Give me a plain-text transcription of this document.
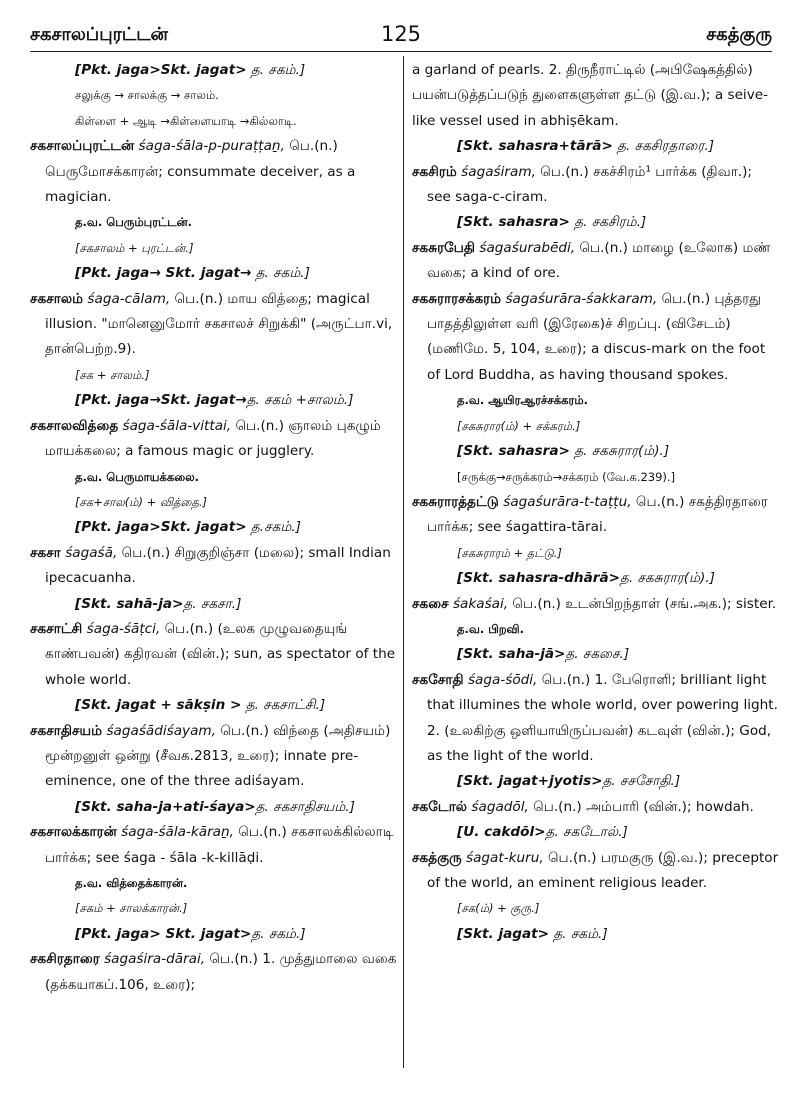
சகசாலப்புரட்டன்	125	சகத்குரு
[Pkt. jaga>Skt. jagat> த. சகம்.]
சலுக்கு → சாலக்கு → சாலம்.
கிள்ளை + ஆடி →கிள்ளையாடி →கில்லாடி.
சகசாலப்புரட்டன் śaga-śāla-p-puraṭṭaṉ, பெ.(n.) பெருமோசக்காரன்; consummate deceiver, as a magician.
த.வ. பெரும்புரட்டன்.
[சகசாலம் + புரட்டன்.]
[Pkt. jaga→ Skt. jagat→ த. சகம்.]
சகசாலம் śaga-cālam, பெ.(n.) மாய வித்தை; magical illusion. "மானெனுமோர் சகசாலச் சிறுக்கி" (அருட்பா.vi, தான்பெற்ற.9).
[சக + சாலம்.]
[Pkt. jaga→Skt. jagat→த. சகம் +சாலம்.]
சகசாலவித்தை śaga-śāla-vittai, பெ.(n.) ஞாலம் புகழும் மாயக்கலை; a famous magic or jugglery.
த.வ. பெருமாயக்கலை.
[சக+சால(ம்) + வித்தை.]
[Pkt. jaga>Skt. jagat> த.சகம்.]
சகசா śagaśā, பெ.(n.) சிறுகுறிஞ்சா (மலை); small Indian ipecacuanha.
[Skt. sahā-ja>த. சகசா.]
சகசாட்சி śaga-śāṭci, பெ.(n.) (உலக முழுவதையுங் காண்பவன்) கதிரவன் (வின்.); sun, as spectator of the whole world.
[Skt. jagat + sākṣin > த. சகசாட்சி.]
சகசாதிசயம் śagaśādiśayam, பெ.(n.) விந்தை (அதிசயம்) மூன்றனுள் ஒன்று (சீவக.2813, உரை); innate pre-eminence, one of the three adiśayam.
[Skt. saha-ja+ati-śaya>த. சகசாதிசயம்.]
சகசாலக்காரன் śaga-śāla-kāraṉ, பெ.(n.) சகசாலக்கில்லாடி பார்க்க; see śaga - śāla -k-killāḍi.
த.வ. வித்தைக்காரன்.
[சகம் + சாலக்காரன்.]
[Pkt. jaga> Skt. jagat>த. சகம்.]
சகசிரதாரை śagaśira-dārai, பெ.(n.) 1. முத்துமாலை வகை (தக்கயாகப்.106, உரை);
a garland of pearls. 2. திருநீராட்டில் (அபிஷேகத்தில்) பயன்படுத்தப்படுந் துளைகளுள்ள தட்டு (இ.வ.); a seive-like vessel used in abhiṣēkam.
[Skt. sahasra+tārā> த. சகசிரதாரை.]
சகசிரம் śagaśiram, பெ.(n.) சகச்சிரம்¹ பார்க்க (திவா.); see saga-c-ciram.
[Skt. sahasra> த. சகசிரம்.]
சகசுரபேதி śagaśurabēdi, பெ.(n.) மாழை (உலோக) மண் வகை; a kind of ore.
சகசுராரசக்கரம் śagaśurāra-śakkaram, பெ.(n.) புத்தரது பாதத்திலுள்ள வரி (இரேகை)ச் சிறப்பு. (விசேடம்) (மணிமே. 5, 104, உரை); a discus-mark on the foot of Lord Buddha, as having thousand spokes.
த.வ. ஆயிரஆரச்சக்கரம்.
[சகசுரார(ம்) + சக்கரம்.]
[Skt. sahasra> த. சகசுரார(ம்).]
[சருக்கு→சருக்கரம்→சக்கரம் (வே.க.239).]
சகசுராரத்தட்டு śagaśurāra-t-taṭṭu, பெ.(n.) சகத்திரதாரை பார்க்க; see śagattira-tārai.
[சகசுராரம் + தட்டு.]
[Skt. sahasra-dhārā>த. சகசுரார(ம்).]
சகசை śakaśai, பெ.(n.) உடன்பிறந்தாள் (சங்.அக.); sister.
த.வ. பிறவி.
[Skt. saha-jā>த. சகசை.]
சகசோதி śaga-śōdi, பெ.(n.) 1. பேரொளி; brilliant light that illumines the whole world, over powering light. 2. (உலகிற்கு ஒளியாயிருப்பவன்) கடவுள் (வின்.); God, as the light of the world.
[Skt. jagat+jyotis>த. சசசோதி.]
சகடோல் śagadōl, பெ.(n.) அம்பாரி (வின்.); howdah.
[U. cakdōl>த. சகடோல்.]
சகத்குரு śagat-kuru, பெ.(n.) பரமகுரு (இ.வ.); preceptor of the world, an eminent religious leader.
[சக(ம்) + குரு.]
[Skt. jagat> த. சகம்.]
